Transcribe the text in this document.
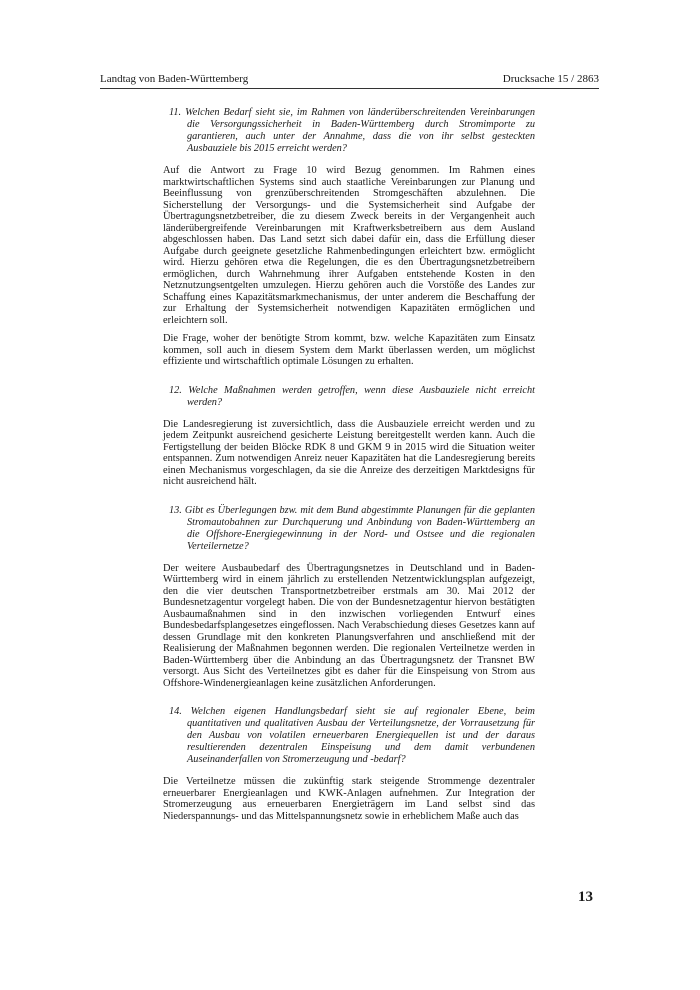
Landtag von Baden-Württemberg	Drucksache 15 / 2863

11. Welchen Bedarf sieht sie, im Rahmen von länderüberschreitenden Vereinbarungen die Versorgungssicherheit in Baden-Württemberg durch Stromimporte zu garantieren, auch unter der Annahme, dass die von ihr selbst gesteckten Ausbauziele bis 2015 erreicht werden?

Auf die Antwort zu Frage 10 wird Bezug genommen. Im Rahmen eines marktwirtschaftlichen Systems sind auch staatliche Vereinbarungen zur Planung und Beeinflussung von grenzüberschreitenden Stromgeschäften abzulehnen. Die Sicherstellung der Versorgungs- und die Systemsicherheit sind Aufgabe der Übertragungsnetzbetreiber, die zu diesem Zweck bereits in der Vergangenheit auch länderübergreifende Vereinbarungen mit Kraftwerksbetreibern aus dem Ausland abgeschlossen haben. Das Land setzt sich dabei dafür ein, dass die Erfüllung dieser Aufgabe durch geeignete gesetzliche Rahmenbedingungen erleichtert bzw. ermöglicht wird. Hierzu gehören etwa die Regelungen, die es den Übertragungsnetzbetreibern ermöglichen, durch Wahrnehmung ihrer Aufgaben entstehende Kosten in den Netznutzungsentgelten umzulegen. Hierzu gehören auch die Vorstöße des Landes zur Schaffung eines Kapazitätsmarkmechanismus, der unter anderem die Beschaffung der zur Erhaltung der Systemsicherheit notwendigen Kapazitäten ermöglichen und erleichtern soll.

Die Frage, woher der benötigte Strom kommt, bzw. welche Kapazitäten zum Einsatz kommen, soll auch in diesem System dem Markt überlassen werden, um möglichst effiziente und wirtschaftlich optimale Lösungen zu erhalten.

12. Welche Maßnahmen werden getroffen, wenn diese Ausbauziele nicht erreicht werden?

Die Landesregierung ist zuversichtlich, dass die Ausbauziele erreicht werden und zu jedem Zeitpunkt ausreichend gesicherte Leistung bereitgestellt werden kann. Auch die Fertigstellung der beiden Blöcke RDK 8 und GKM 9 in 2015 wird die Situation weiter entspannen. Zum notwendigen Anreiz neuer Kapazitäten hat die Landesregierung bereits einen Mechanismus vorgeschlagen, da sie die Anreize des derzeitigen Marktdesigns für nicht ausreichend hält.

13. Gibt es Überlegungen bzw. mit dem Bund abgestimmte Planungen für die geplanten Stromautobahnen zur Durchquerung und Anbindung von Baden-Württemberg an die Offshore-Energiegewinnung in der Nord- und Ostsee und die regionalen Verteilernetze?

Der weitere Ausbaubedarf des Übertragungsnetzes in Deutschland und in Baden-Württemberg wird in einem jährlich zu erstellenden Netzentwicklungsplan aufgezeigt, den die vier deutschen Transportnetzbetreiber erstmals am 30. Mai 2012 der Bundesnetzagentur vorgelegt haben. Die von der Bundesnetzagentur hiervon bestätigten Ausbaumaßnahmen sind in den inzwischen vorliegenden Entwurf eines Bundesbedarfsplangesetzes eingeflossen. Nach Verabschiedung dieses Gesetzes kann auf dessen Grundlage mit den konkreten Planungsverfahren und anschließend mit der Realisierung der Maßnahmen begonnen werden. Die regionalen Verteilnetze werden in Baden-Württemberg über die Anbindung an das Übertragungsnetz der Transnet BW versorgt. Aus Sicht des Verteilnetzes gibt es daher für die Einspeisung von Strom aus Offshore-Windenergieanlagen keine zusätzlichen Anforderungen.

14. Welchen eigenen Handlungsbedarf sieht sie auf regionaler Ebene, beim quantitativen und qualitativen Ausbau der Verteilungsnetze, der Vorrausetzung für den Ausbau von volatilen erneuerbaren Energiequellen ist und der daraus resultierenden dezentralen Einspeisung und dem damit verbundenen Auseinanderfallen von Stromerzeugung und -bedarf?

Die Verteilnetze müssen die zukünftig stark steigende Strommenge dezentraler erneuerbarer Energieanlagen und KWK-Anlagen aufnehmen. Zur Integration der Stromerzeugung aus erneuerbaren Energieträgern im Land selbst sind das Niederspannungs- und das Mittelspannungsnetz sowie in erheblichem Maße auch das

13
